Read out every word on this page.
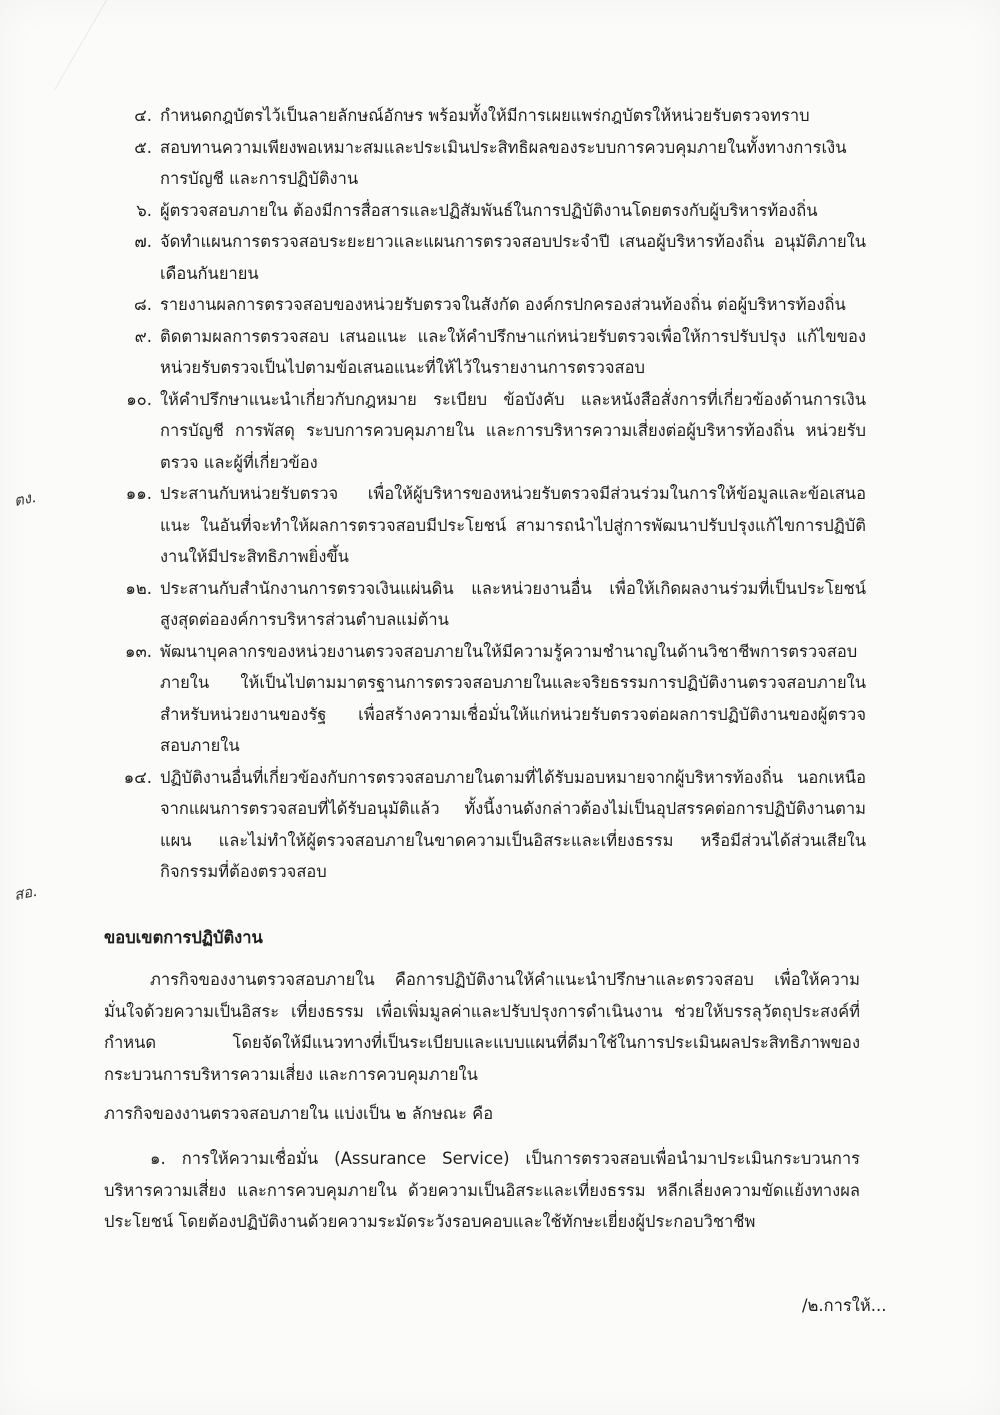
๔. กำหนดกฎบัตรไว้เป็นลายลักษณ์อักษร พร้อมทั้งให้มีการเผยแพร่กฎบัตรให้หน่วยรับตรวจทราบ
๕. สอบทานความเพียงพอเหมาะสมและประเมินประสิทธิผลของระบบการควบคุมภายในทั้งทางการเงิน การบัญชี และการปฏิบัติงาน
๖. ผู้ตรวจสอบภายใน ต้องมีการสื่อสารและปฏิสัมพันธ์ในการปฏิบัติงานโดยตรงกับผู้บริหารท้องถิ่น
๗. จัดทำแผนการตรวจสอบระยะยาวและแผนการตรวจสอบประจำปี เสนอผู้บริหารท้องถิ่น อนุมัติภายในเดือนกันยายน
๘. รายงานผลการตรวจสอบของหน่วยรับตรวจในสังกัด องค์กรปกครองส่วนท้องถิ่น ต่อผู้บริหารท้องถิ่น
๙. ติดตามผลการตรวจสอบ เสนอแนะ และให้คำปรึกษาแก่หน่วยรับตรวจเพื่อให้การปรับปรุง แก้ไขของหน่วยรับตรวจเป็นไปตามข้อเสนอแนะที่ให้ไว้ในรายงานการตรวจสอบ
๑๐. ให้คำปรึกษาแนะนำเกี่ยวกับกฎหมาย ระเบียบ ข้อบังคับ และหนังสือสั่งการที่เกี่ยวข้องด้านการเงิน การบัญชี การพัสดุ ระบบการควบคุมภายใน และการบริหารความเสี่ยงต่อผู้บริหารท้องถิ่น หน่วยรับตรวจ และผู้ที่เกี่ยวข้อง
๑๑. ประสานกับหน่วยรับตรวจ เพื่อให้ผู้บริหารของหน่วยรับตรวจมีส่วนร่วมในการให้ข้อมูลและข้อเสนอแนะ ในอันที่จะทำให้ผลการตรวจสอบมีประโยชน์ สามารถนำไปสู่การพัฒนาปรับปรุงแก้ไขการปฏิบัติงานให้มีประสิทธิภาพยิ่งขึ้น
๑๒. ประสานกับสำนักงานการตรวจเงินแผ่นดิน และหน่วยงานอื่น เพื่อให้เกิดผลงานร่วมที่เป็นประโยชน์สูงสุดต่อองค์การบริหารส่วนตำบลแม่ต้าน
๑๓. พัฒนาบุคลากรของหน่วยงานตรวจสอบภายในให้มีความรู้ความชำนาญในด้านวิชาชีพการตรวจสอบภายใน ให้เป็นไปตามมาตรฐานการตรวจสอบภายในและจริยธรรมการปฏิบัติงานตรวจสอบภายในสำหรับหน่วยงานของรัฐ เพื่อสร้างความเชื่อมั่นให้แก่หน่วยรับตรวจต่อผลการปฏิบัติงานของผู้ตรวจสอบภายใน
๑๔. ปฏิบัติงานอื่นที่เกี่ยวข้องกับการตรวจสอบภายในตามที่ได้รับมอบหมายจากผู้บริหารท้องถิ่น นอกเหนือจากแผนการตรวจสอบที่ได้รับอนุมัติแล้ว ทั้งนี้งานดังกล่าวต้องไม่เป็นอุปสรรคต่อการปฏิบัติงานตามแผน และไม่ทำให้ผู้ตรวจสอบภายในขาดความเป็นอิสระและเที่ยงธรรม หรือมีส่วนได้ส่วนเสียในกิจกรรมที่ต้องตรวจสอบ
ตง.
สอ.
ขอบเขตการปฏิบัติงาน

ภารกิจของงานตรวจสอบภายใน คือการปฏิบัติงานให้คำแนะนำปรึกษาและตรวจสอบ เพื่อให้ความมั่นใจด้วยความเป็นอิสระ เที่ยงธรรม เพื่อเพิ่มมูลค่าและปรับปรุงการดำเนินงาน ช่วยให้บรรลุวัตถุประสงค์ที่กำหนด โดยจัดให้มีแนวทางที่เป็นระเบียบและแบบแผนที่ดีมาใช้ในการประเมินผลประสิทธิภาพของกระบวนการบริหารความเสี่ยง และการควบคุมภายใน

ภารกิจของงานตรวจสอบภายใน แบ่งเป็น ๒ ลักษณะ คือ

๑. การให้ความเชื่อมั่น (Assurance Service) เป็นการตรวจสอบเพื่อนำมาประเมินกระบวนการบริหารความเสี่ยง และการควบคุมภายใน ด้วยความเป็นอิสระและเที่ยงธรรม หลีกเลี่ยงความขัดแย้งทางผลประโยชน์ โดยต้องปฏิบัติงานด้วยความระมัดระวังรอบคอบและใช้ทักษะเยี่ยงผู้ประกอบวิชาชีพ

/๒.การให้...
